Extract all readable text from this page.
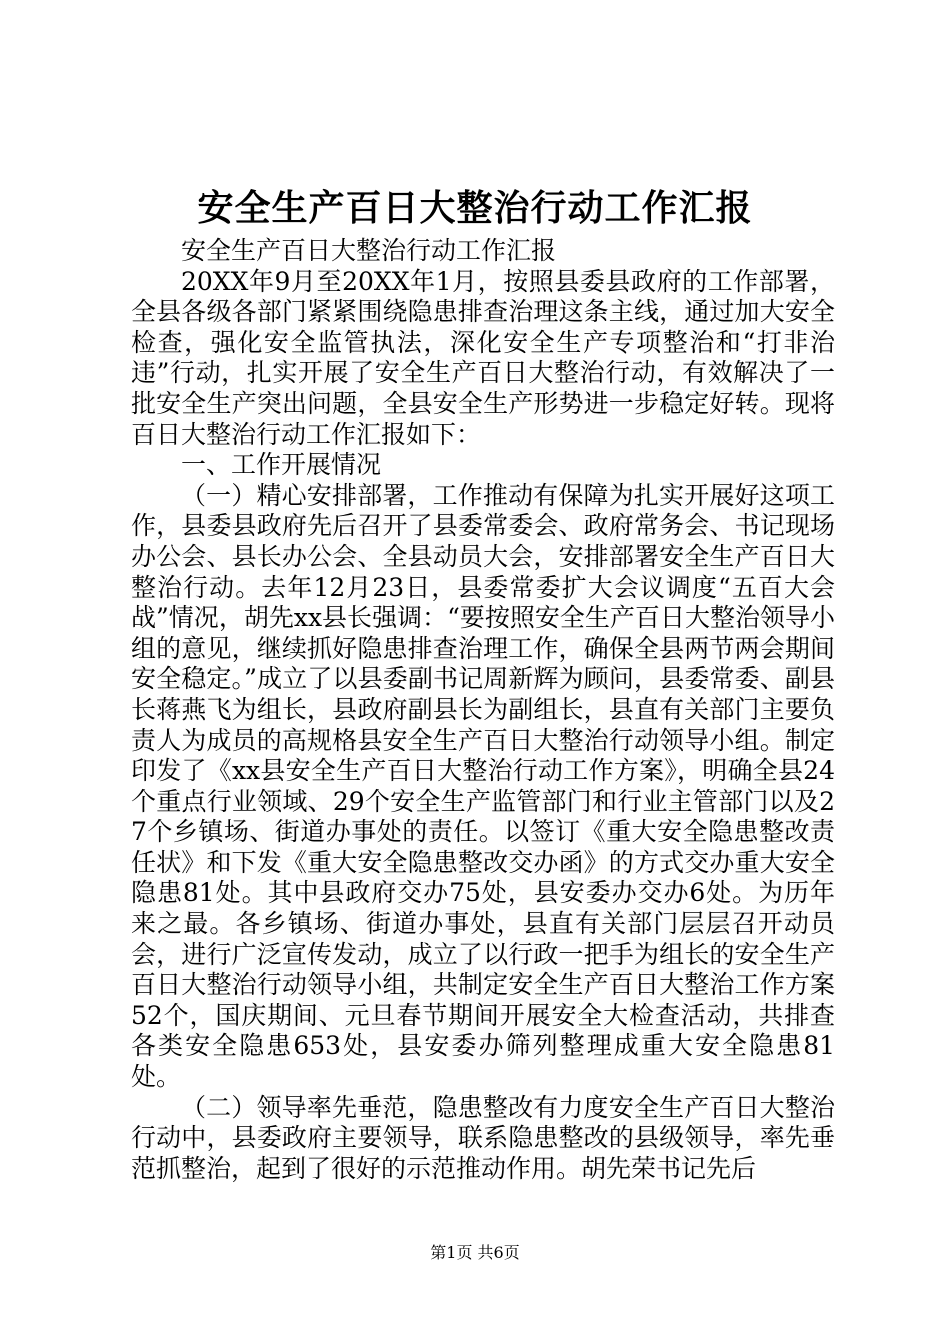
安全生产百日大整治行动工作汇报

安全生产百日大整治行动工作汇报

20XX年9月至20XX年1月，按照县委县政府的工作部署，全县各级各部门紧紧围绕隐患排查治理这条主线，通过加大安全检查，强化安全监管执法，深化安全生产专项整治和“打非治违”行动，扎实开展了安全生产百日大整治行动，有效解决了一批安全生产突出问题，全县安全生产形势进一步稳定好转。现将百日大整治行动工作汇报如下：

一、工作开展情况

（一）精心安排部署，工作推动有保障为扎实开展好这项工作，县委县政府先后召开了县委常委会、政府常务会、书记现场办公会、县长办公会、全县动员大会，安排部署安全生产百日大整治行动。去年12月23日，县委常委扩大会议调度“五百大会战”情况，胡先xx县长强调：“要按照安全生产百日大整治领导小组的意见，继续抓好隐患排查治理工作，确保全县两节两会期间安全稳定。”成立了以县委副书记周新辉为顾问，县委常委、副县长蒋燕飞为组长，县政府副县长为副组长，县直有关部门主要负责人为成员的高规格县安全生产百日大整治行动领导小组。制定印发了《xx县安全生产百日大整治行动工作方案》，明确全县24个重点行业领域、29个安全生产监管部门和行业主管部门以及27个乡镇场、街道办事处的责任。以签订《重大安全隐患整改责任状》和下发《重大安全隐患整改交办函》的方式交办重大安全隐患81处。其中县政府交办75处，县安委办交办6处。为历年来之最。各乡镇场、街道办事处，县直有关部门层层召开动员会，进行广泛宣传发动，成立了以行政一把手为组长的安全生产百日大整治行动领导小组，共制定安全生产百日大整治工作方案52个，国庆期间、元旦春节期间开展安全大检查活动，共排查各类安全隐患653处，县安委办筛列整理成重大安全隐患81处。

（二）领导率先垂范，隐患整改有力度安全生产百日大整治行动中，县委政府主要领导，联系隐患整改的县级领导，率先垂范抓整治，起到了很好的示范推动作用。胡先荣书记先后

第1页 共6页
